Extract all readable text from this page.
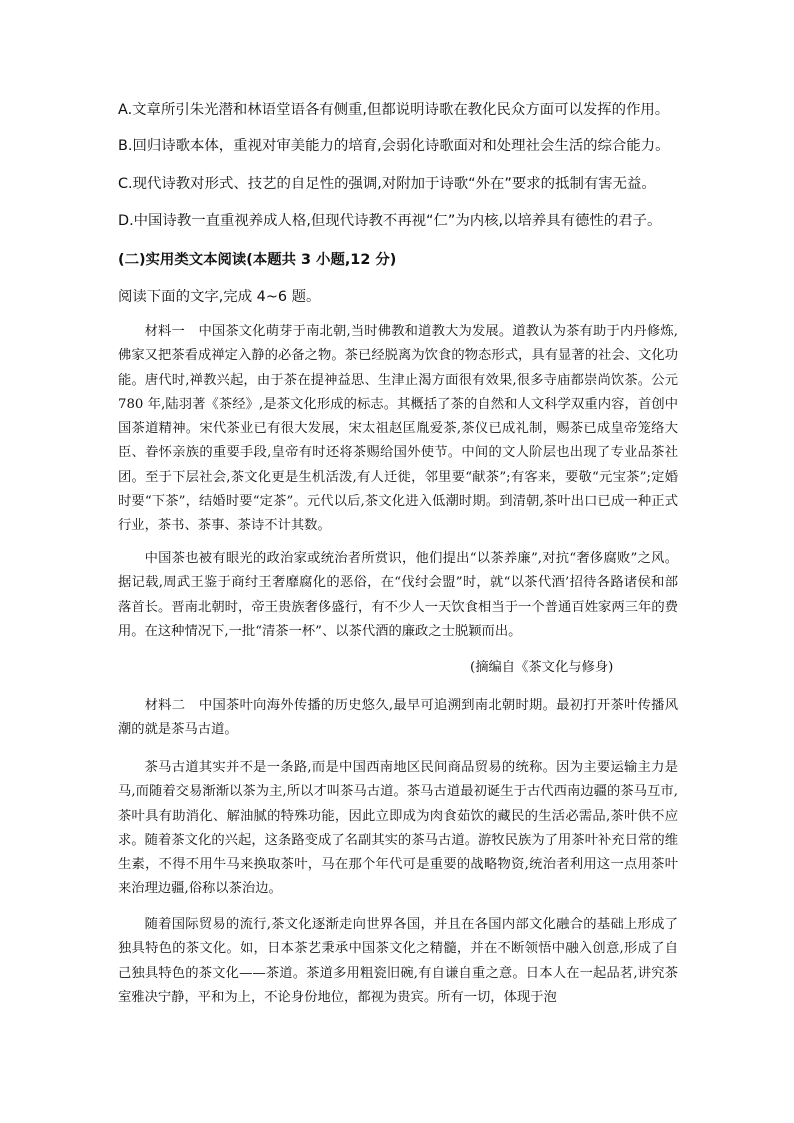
A.文章所引朱光潜和林语堂语各有侧重,但都说明诗歌在教化民众方面可以发挥的作用。
B.回归诗歌本体，重视对审美能力的培育,会弱化诗歌面对和处理社会生活的综合能力。
C.现代诗教对形式、技艺的自足性的强调,对附加于诗歌“外在”要求的抵制有害无益。
D.中国诗教一直重视养成人格,但现代诗教不再视“仁”为内核,以培养具有德性的君子。
(二)实用类文本阅读(本题共 3 小题,12 分)
阅读下面的文字,完成 4~6 题。

材料一　 中国茶文化萌芽于南北朝,当时佛教和道教大为发展。道教认为茶有助于内丹修炼,佛家又把茶看成禅定入静的必备之物。茶已经脱离为饮食的物态形式，具有显著的社会、文化功能。唐代时,禅教兴起，由于茶在提神益思、生津止渴方面很有效果,很多寺庙都崇尚饮茶。公元 780 年,陆羽著《茶经》,是茶文化形成的标志。其概括了茶的自然和人文科学双重内容，首创中国茶道精神。宋代茶业已有很大发展，宋太祖赵匡胤爱茶,茶仪已成礼制，赐茶已成皇帝笼络大臣、眷怀亲族的重要手段,皇帝有时还将茶赐给国外使节。中间的文人阶层也出现了专业品茶社团。至于下层社会,茶文化更是生机活泼,有人迁徙，邻里要“献茶”;有客来，要敬“元宝茶”;定婚时要“下茶”，结婚时要“定茶”。元代以后,茶文化进入低潮时期。到清朝,茶叶出口已成一种正式行业，茶书、茶事、茶诗不计其数。

中国茶也被有眼光的政治家或统治者所赏识，他们提出“以茶养廉”,对抗“奢侈腐败”之风。据记载,周武王鉴于商纣王奢靡腐化的恶俗，在“伐纣会盟”时，就“以茶代酒’招待各路诸侯和部落首长。晋南北朝时，帝王贵族奢侈盛行，有不少人一天饮食相当于一个普通百姓家两三年的费用。在这种情况下,一批“清茶一杯”、以茶代酒的廉政之士脱颖而出。

(摘编自《茶文化与修身)

材料二　 中国茶叶向海外传播的历史悠久,最早可追溯到南北朝时期。最初打开茶叶传播风潮的就是茶马古道。

茶马古道其实并不是一条路,而是中国西南地区民间商品贸易的统称。因为主要运输主力是马,而随着交易渐渐以茶为主,所以才叫茶马古道。茶马古道最初诞生于古代西南边疆的茶马互市,茶叶具有助消化、解油腻的特殊功能，因此立即成为肉食茹饮的藏民的生活必需品,茶叶供不应求。随着茶文化的兴起，这条路变成了名副其实的茶马古道。游牧民族为了用茶叶补充日常的维生素，不得不用牛马来换取茶叶，马在那个年代可是重要的战略物资,统治者利用这一点用茶叶来治理边疆,俗称以茶治边。

随着国际贸易的流行,茶文化逐渐走向世界各国，并且在各国内部文化融合的基础上形成了独具特色的茶文化。如，日本茶艺秉承中国茶文化之精髓，并在不断领悟中融入创意,形成了自己独具特色的茶文化——茶道。茶道多用粗瓷旧碗,有自谦自重之意。日本人在一起品茗,讲究茶室雅决宁静，平和为上，不论身份地位，都视为贵宾。所有一切，体现于泡
